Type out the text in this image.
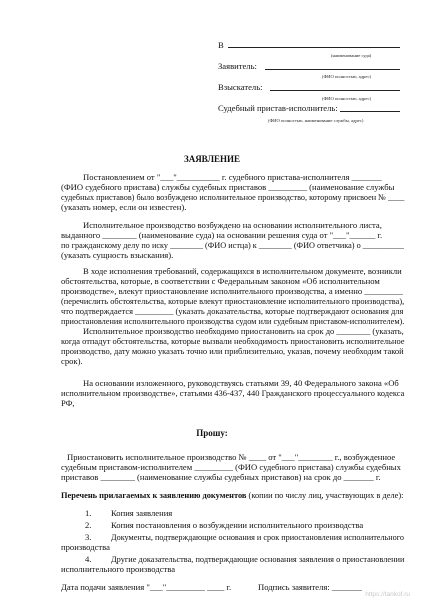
В
(наименование суда)
Заявитель:
(ФИО полностью, адрес)
Взыскатель:
(ФИО полностью, адрес)
Судебный пристав-исполнитель:
(ФИО полностью, наименование службы, адрес)
ЗАЯВЛЕНИЕ
Постановлением от "___"__________ г. судебного пристава-исполнителя _______
(ФИО судебного пристава) службы судебных приставов _________ (наименование службы
судебных приставов) было возбуждено исполнительное производство, которому присвоен № ____
(указать номер, если он известен).
Исполнительное производство возбуждено на основании исполнительного листа,
выданного ________ (наименование суда) на основании решения суда от "___"______ г.
по гражданскому делу по иску ________ (ФИО истца) к ________ (ФИО ответчика) о __________
(указать сущность взыскания).
В ходе исполнения требований, содержащихся в исполнительном документе, возникли
обстоятельства, которые, в соответствии с Федеральным законом «Об исполнительном
производстве», влекут приостановление исполнительного производства, а именно _________
(перечислить обстоятельства, которые влекут приостановление исполнительного производства),
что подтверждается _________ (указать доказательства, которые подтверждают основания для
приостановления исполнительного производства судом или судебным приставом-исполнителем).
Исполнительное производство необходимо приостановить на срок до ________ (указать,
когда отпадут обстоятельства, которые вызвали необходимость приостановить исполнительное
производство, дату можно указать точно или приблизительно, указав, почему необходим такой
срок).
На основании изложенного, руководствуясь статьями 39, 40 Федерального закона «Об
исполнительном производстве», статьями 436-437, 440 Гражданского процессуального кодекса
РФ,
Прошу:
Приостановить исполнительное производство № ____ от "___"________ г., возбужденное
судебным приставом-исполнителем _________ (ФИО судебного пристава) службы судебных
приставов ________ (наименование службы судебных приставов) на срок до _______ г.
Перечень прилагаемых к заявлению документов (копии по числу лиц, участвующих в деле):
1. Копия заявления
2. Копия постановления о возбуждении исполнительного производства
3. Документы, подтверждающие основания и срок приостановления исполнительного
производства
4. Другие доказательства, подтверждающие основания заявления о приостановлении
исполнительного производства
Дата подачи заявления "___"_________ ____ г.	Подпись заявителя: _______
https://tankof.ru
